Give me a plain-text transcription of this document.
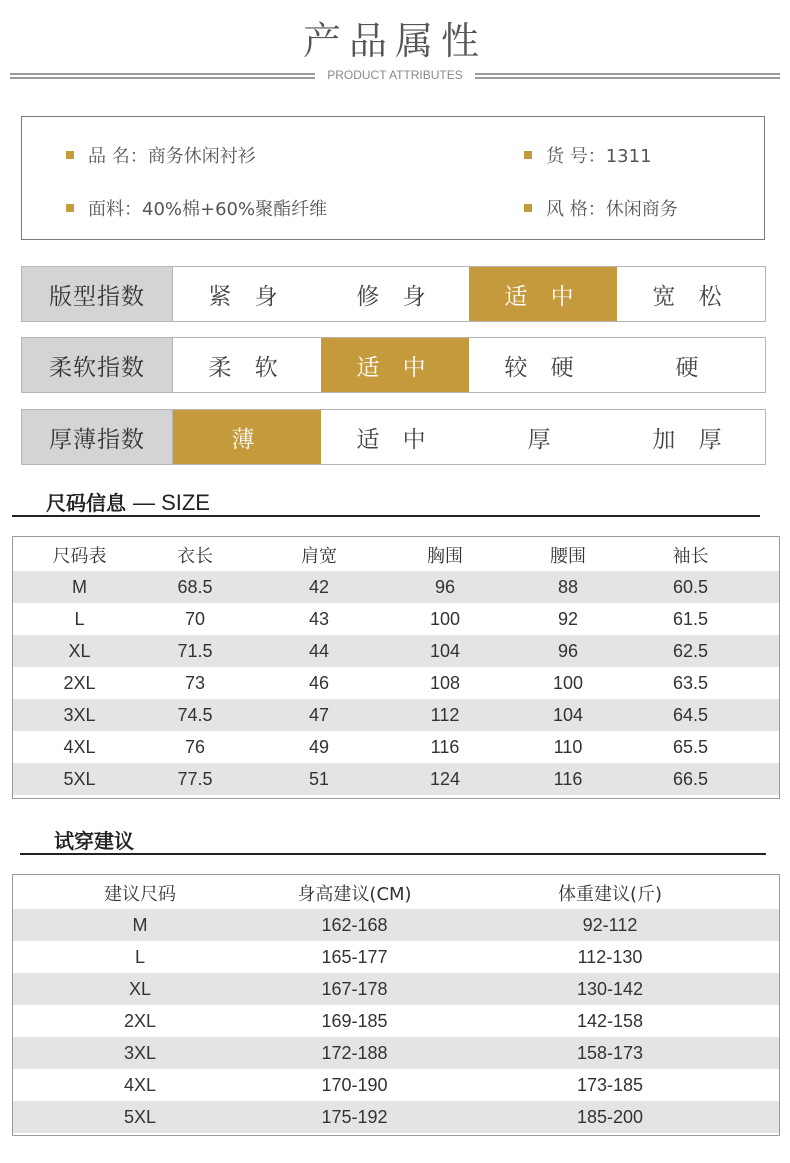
产品属性
PRODUCT ATTRIBUTES
品 名：商务休闲衬衫	货 号：1311
面料：40%棉+60%聚酯纤维	风 格：休闲商务
版型指数	紧 身	修 身	适 中	宽 松
柔软指数	柔 软	适 中	较 硬	硬
厚薄指数	薄	适 中	厚	加 厚
尺码信息 — SIZE
尺码表	衣长	肩宽	胸围	腰围	袖长
M	68.5	42	96	88	60.5
L	70	43	100	92	61.5
XL	71.5	44	104	96	62.5
2XL	73	46	108	100	63.5
3XL	74.5	47	112	104	64.5
4XL	76	49	116	110	65.5
5XL	77.5	51	124	116	66.5
试穿建议
建议尺码	身高建议(CM)	体重建议(斤)
M	162-168	92-112
L	165-177	112-130
XL	167-178	130-142
2XL	169-185	142-158
3XL	172-188	158-173
4XL	170-190	173-185
5XL	175-192	185-200
